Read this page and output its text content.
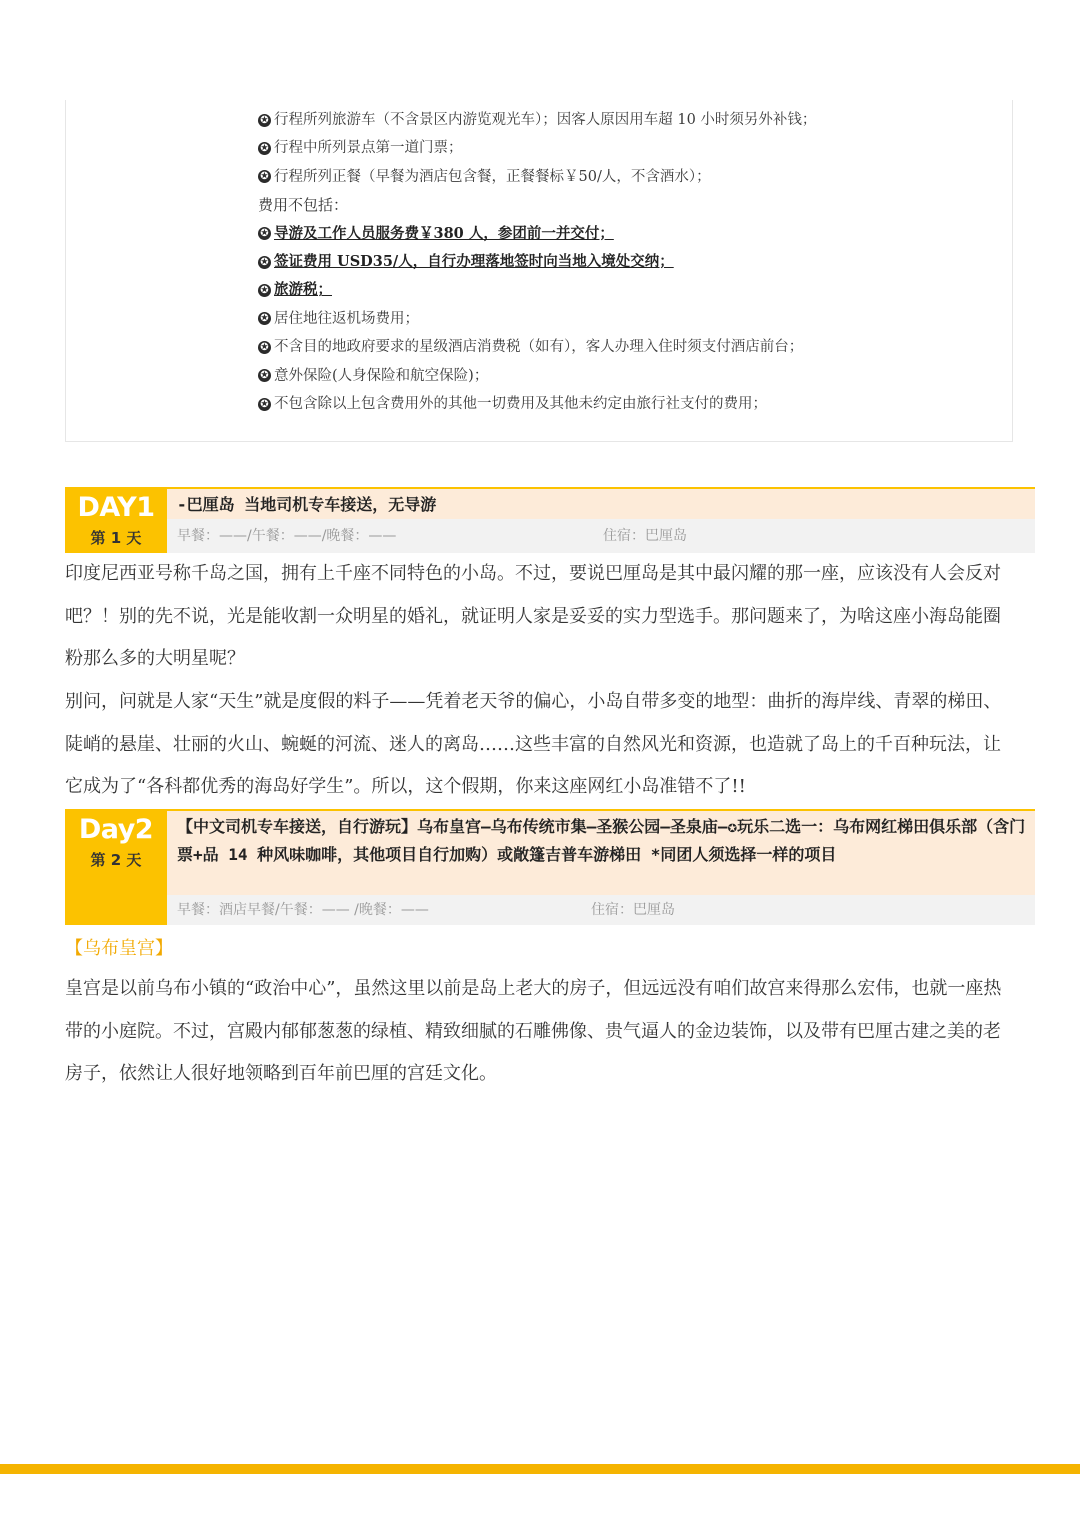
✪ 行程所列旅游车（不含景区内游览观光车）；因客人原因用车超 10 小时须另外补钱；
✪ 行程中所列景点第一道门票；
✪ 行程所列正餐（早餐为酒店包含餐，正餐餐标￥50/人，不含酒水）；
费用不包括：
✪ 导游及工作人员服务费￥380 人，参团前一并交付；
✪ 签证费用 USD35/人，自行办理落地签时向当地入境处交纳；
✪ 旅游税；
✪ 居住地往返机场费用；
✪ 不含目的地政府要求的星级酒店消费税（如有），客人办理入住时须支付酒店前台；
✪ 意外保险(人身保险和航空保险)；
✪ 不包含除以上包含费用外的其他一切费用及其他未约定由旅行社支付的费用；
DAY1
第 1 天
-巴厘岛 当地司机专车接送，无导游
早餐：——/午餐：——/晚餐：——	住宿：巴厘岛
印度尼西亚号称千岛之国，拥有上千座不同特色的小岛。不过，要说巴厘岛是其中最闪耀的那一座，应该没有人会反对吧？！别的先不说，光是能收割一众明星的婚礼，就证明人家是妥妥的实力型选手。那问题来了，为啥这座小海岛能圈粉那么多的大明星呢？
别问，问就是人家“天生”就是度假的料子——凭着老天爷的偏心，小岛自带多变的地型：曲折的海岸线、青翠的梯田、陡峭的悬崖、壮丽的火山、蜿蜒的河流、迷人的离岛……这些丰富的自然风光和资源，也造就了岛上的千百种玩法，让它成为了“各科都优秀的海岛好学生”。所以，这个假期，你来这座网红小岛准错不了!!
Day2
第 2 天
【中文司机专车接送，自行游玩】乌布皇宫—乌布传统市集—圣猴公园—圣泉庙—✪玩乐二选一：乌布网红梯田俱乐部（含门票+品 14 种风味咖啡，其他项目自行加购）或敞篷吉普车游梯田 *同团人须选择一样的项目
早餐：酒店早餐/午餐：—— /晚餐：——	住宿：巴厘岛
【乌布皇宫】
皇宫是以前乌布小镇的“政治中心”，虽然这里以前是岛上老大的房子，但远远没有咱们故宫来得那么宏伟，也就一座热带的小庭院。不过，宫殿内郁郁葱葱的绿植、精致细腻的石雕佛像、贵气逼人的金边装饰，以及带有巴厘古建之美的老房子，依然让人很好地领略到百年前巴厘的宫廷文化。
